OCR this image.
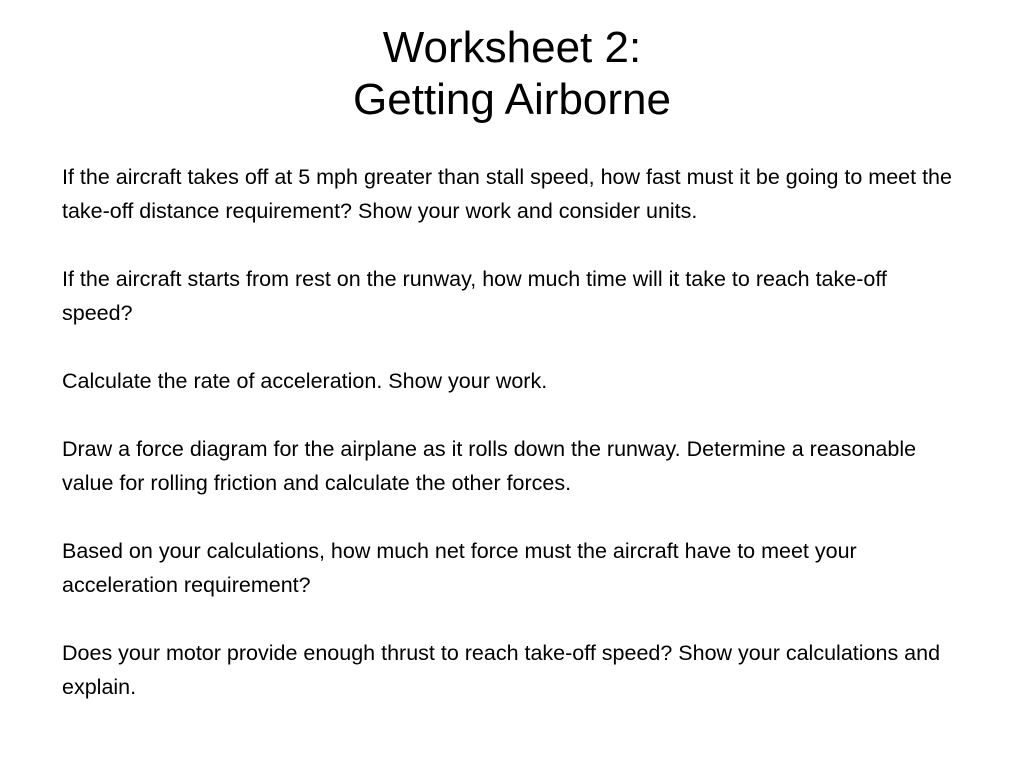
Worksheet 2:
Getting Airborne

If the aircraft takes off at 5 mph greater than stall speed, how fast must it be going to meet the take-off distance requirement? Show your work and consider units.

If the aircraft starts from rest on the runway, how much time will it take to reach take-off speed?

Calculate the rate of acceleration. Show your work.

Draw a force diagram for the airplane as it rolls down the runway. Determine a reasonable value for rolling friction and calculate the other forces.

Based on your calculations, how much net force must the aircraft have to meet your acceleration requirement?

Does your motor provide enough thrust to reach take-off speed? Show your calculations and explain.
